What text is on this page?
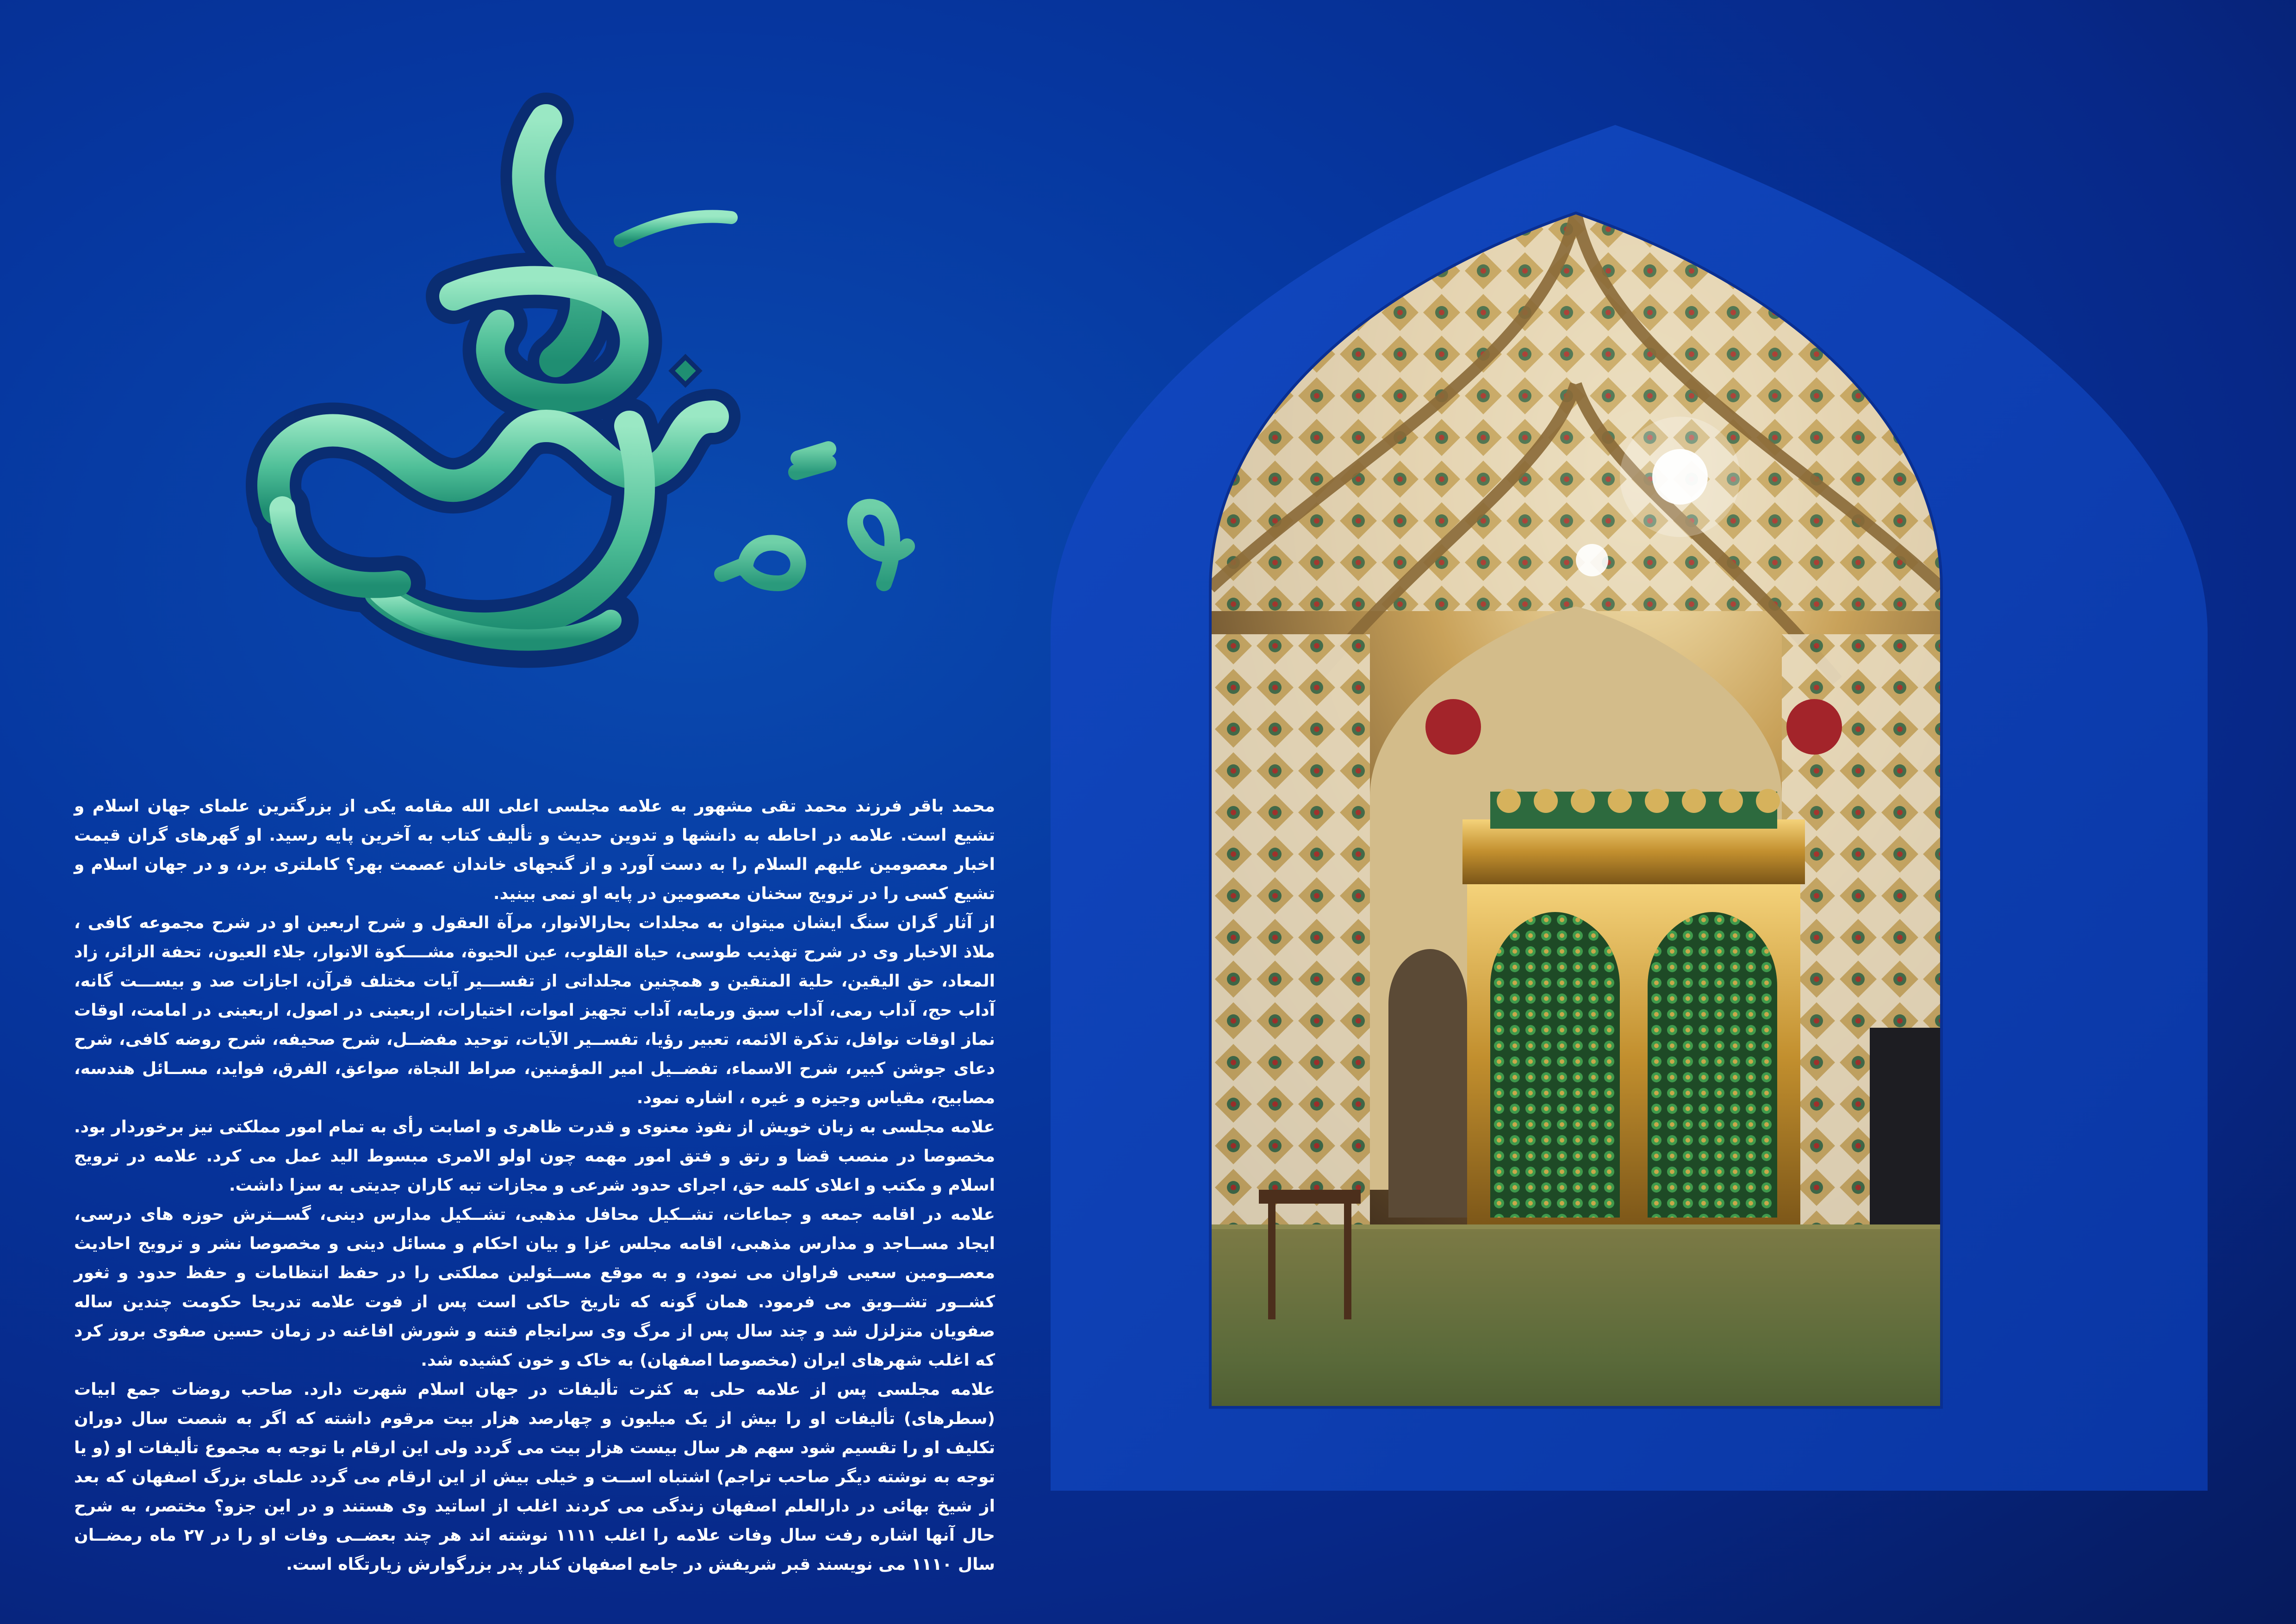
علامه
مجلسی

محمد باقر فرزند محمد تقی مشهور به علامه مجلسی اعلی الله مقامه یکی از بزرگترین علمای جهان اسلام و تشیع است. علامه در احاطه به دانشها و تدوین حدیث و تألیف کتاب به آخرین پایه رسید. او گهرهای گران قیمت اخبار معصومین علیهم السلام را به دست آورد و از گنجهای خاندان عصمت بهر؟ کاملتری برد، و در جهان اسلام و تشیع کسی را در ترویج سخنان معصومین در پایه او نمی بینید.

از آثار گران سنگ ایشان میتوان به مجلدات بحارالانوار، مرآة العقول و شرح اربعین او در شرح مجموعه کافی ، ملاذ الاخبار وی در شرح تهذیب طوسی، حیاة القلوب، عین الحیوة، مشــــکوة الانوار، جلاء العیون، تحفة الزائر، زاد المعاد، حق الیقین، حلیة المتقین و همچنین مجلداتی از تفســـیر آیات مختلف قرآن، اجازات صد و بیســـت گانه، آداب حج، آداب رمی، آداب سبق ورمایه، آداب تجهیز اموات، اختیارات، اربعینی در اصول، اربعینی در امامت، اوقات نماز اوقات نوافل، تذکرة الائمه، تعبیر رؤیا، تفســیر الآیات، توحید مفضــل، شرح صحیفه، شرح روضه کافی، شرح دعای جوشن کبیر، شرح الاسماء، تفضــیل امیر المؤمنین، صراط النجاة، صواعق، الفرق، فواید، مســائل هندسه، مصابیح، مقیاس وجیزه و غیره ، اشاره نمود.

علامه مجلسی به زبان خویش از نفوذ معنوی و قدرت ظاهری و اصابت رأی به تمام امور مملکتی نیز برخوردار بود. مخصوصا در منصب قضا و رتق و فتق امور مهمه چون اولو الامری مبسوط الید عمل می کرد. علامه در ترویج اسلام و مکتب و اعلای کلمه حق، اجرای حدود شرعی و مجازات تبه کاران جدیتی به سزا داشت.

علامه در اقامه جمعه و جماعات، تشــکیل محافل مذهبی، تشــکیل مدارس دینی، گســترش حوزه های درسی، ایجاد مســاجد و مدارس مذهبی، اقامه مجلس عزا و بیان احکام و مسائل دینی و مخصوصا نشر و ترویج احادیث معصــومین سعیی فراوان می نمود، و به موقع مســئولین مملکتی را در حفظ انتظامات و حفظ حدود و ثغور کشــور تشــویق می فرمود. همان گونه که تاریخ حاکی است پس از فوت علامه تدریجا حکومت چندین ساله صفویان متزلزل شد و چند سال پس از مرگ وی سرانجام فتنه و شورش افاغنه در زمان حسین صفوی بروز کرد که اغلب شهرهای ایران (مخصوصا اصفهان) به خاک و خون کشیده شد.

علامه مجلسی پس از علامه حلی به کثرت تألیفات در جهان اسلام شهرت دارد. صاحب روضات جمع ابیات (سطرهای) تألیفات او را بیش از یک میلیون و چهارصد هزار بیت مرقوم داشته که اگر به شصت سال دوران تکلیف او را تقسیم شود سهم هر سال بیست هزار بیت می گردد ولی این ارقام با توجه به مجموع تألیفات او (و یا توجه به نوشته دیگر صاحب تراجم) اشتباه اســت و خیلی بیش از این ارقام می گردد علمای بزرگ اصفهان که بعد از شیخ بهائی در دارالعلم اصفهان زندگی می کردند اغلب از اساتید وی هستند و در این جزو؟ مختصر، به شرح حال آنها اشاره رفت سال وفات علامه را اغلب ۱۱۱۱ نوشته اند هر چند بعضــی وفات او را در ۲۷ ماه رمضــان سال ۱۱۱۰ می نویسند قبر شریفش در جامع اصفهان کنار پدر بزرگوارش زیارتگاه است.
